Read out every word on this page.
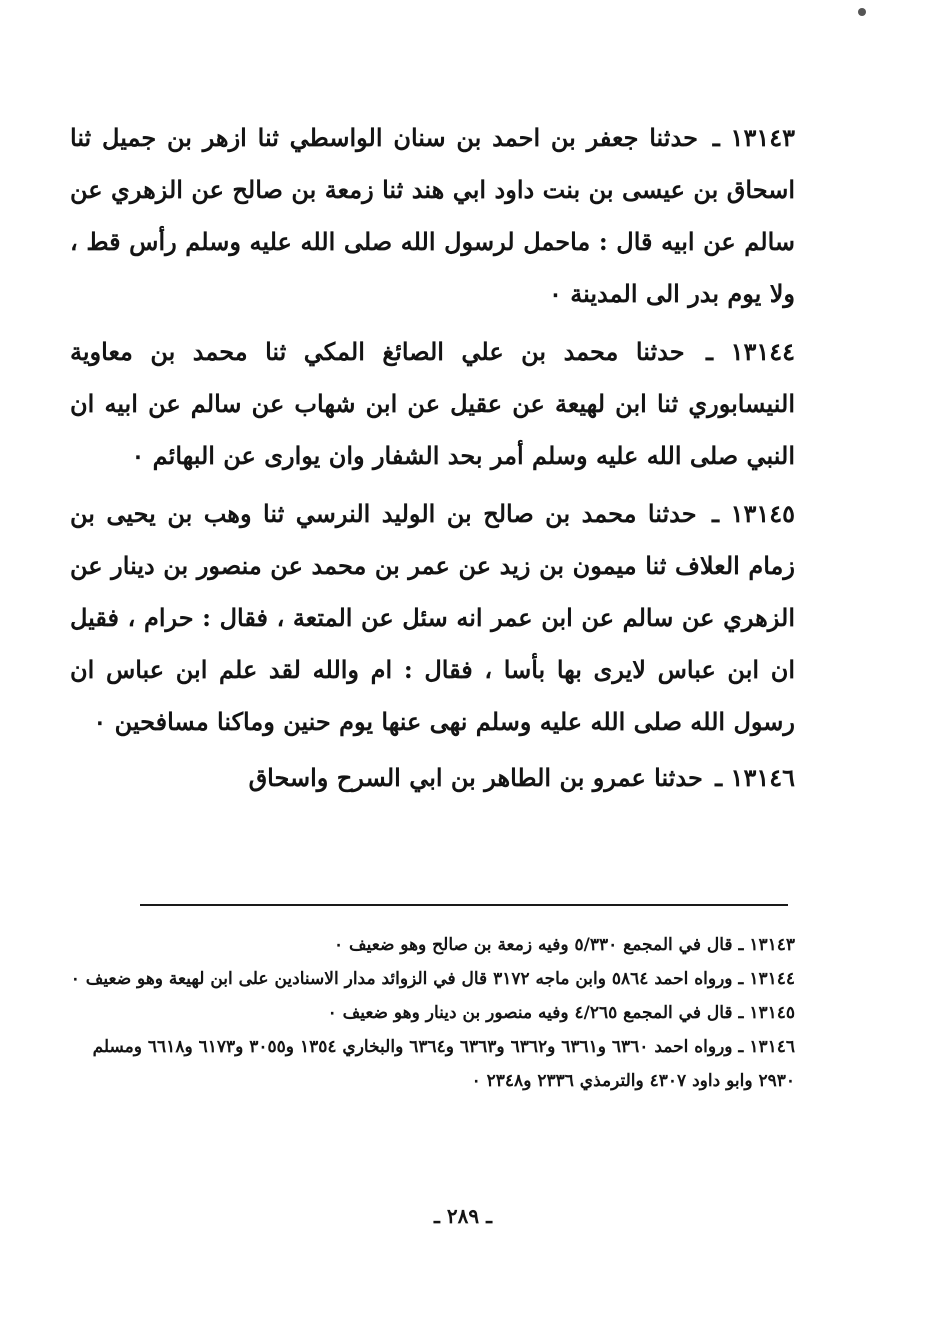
١٣١٤٣ ـ حدثنا جعفر بن احمد بن سنان الواسطي ثنا ازهر بن جميل ثنا اسحاق بن عيسى بن بنت داود ابي هند ثنا زمعة بن صالح عن الزهري عن سالم عن ابيه قال : ماحمل لرسول الله صلى الله عليه وسلم رأس قط ، ولا يوم بدر الى المدينة ٠

١٣١٤٤ ـ حدثنا محمد بن علي الصائغ المكي ثنا محمد بن معاوية النيسابوري ثنا ابن لهيعة عن عقيل عن ابن شهاب عن سالم عن ابيه ان النبي صلى الله عليه وسلم أمر بحد الشفار وان يوارى عن البهائم ٠

١٣١٤٥ ـ حدثنا محمد بن صالح بن الوليد النرسي ثنا وهب بن يحيى بن زمام العلاف ثنا ميمون بن زيد عن عمر بن محمد عن منصور بن دينار عن الزهري عن سالم عن ابن عمر انه سئل عن المتعة ، فقال : حرام ، فقيل ان ابن عباس لايرى بها بأسا ، فقال : ام والله لقد علم ابن عباس ان رسول الله صلى الله عليه وسلم نهى عنها يوم حنين وماكنا مسافحين ٠

١٣١٤٦ ـ حدثنا عمرو بن الطاهر بن ابي السرح واسحاق

١٣١٤٣ ـ قال في المجمع ٥/٣٣٠ وفيه زمعة بن صالح وهو ضعيف ٠

١٣١٤٤ ـ ورواه احمد ٥٨٦٤ وابن ماجه ٣١٧٢ قال في الزوائد مدار الاسنادين على ابن لهيعة وهو ضعيف ٠

١٣١٤٥ ـ قال في المجمع ٤/٢٦٥ وفيه منصور بن دينار وهو ضعيف ٠

١٣١٤٦ ـ ورواه احمد ٦٣٦٠ و٦٣٦١ و٦٣٦٢ و٦٣٦٣ و٦٣٦٤ والبخاري ١٣٥٤ و٣٠٥٥ و٦١٧٣ و٦٦١٨ ومسلم ٢٩٣٠ وابو داود ٤٣٠٧ والترمذي ٢٣٣٦ و٢٣٤٨ ٠

ـ ٢٨٩ ـ
